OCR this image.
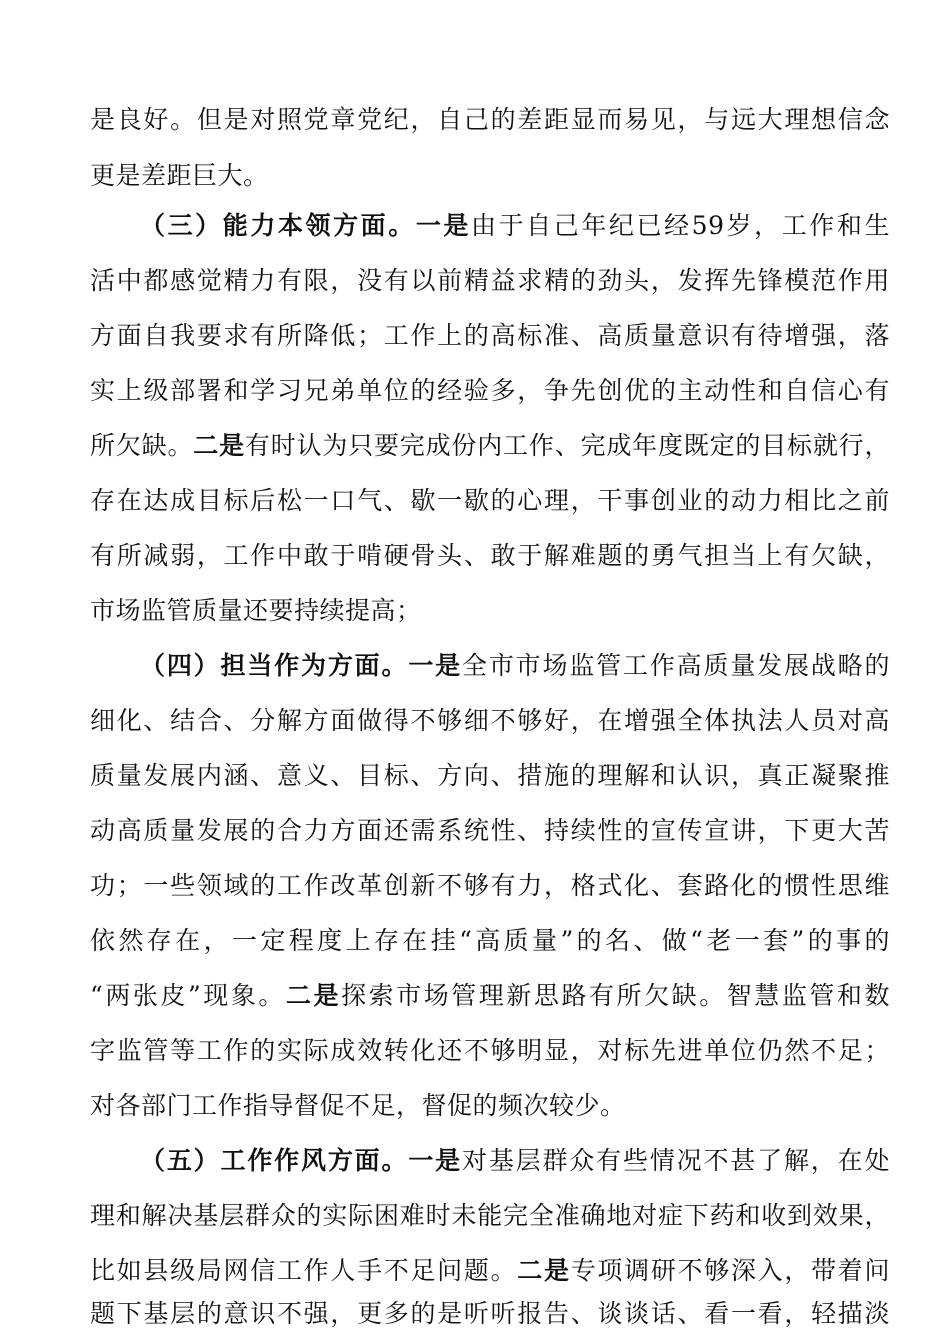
是良好。但是对照党章党纪，自己的差距显而易见，与远大理想信念
更是差距巨大。
（三）能力本领方面。一是由于自己年纪已经59岁，工作和生
活中都感觉精力有限，没有以前精益求精的劲头，发挥先锋模范作用
方面自我要求有所降低；工作上的高标准、高质量意识有待增强，落
实上级部署和学习兄弟单位的经验多，争先创优的主动性和自信心有
所欠缺。二是有时认为只要完成份内工作、完成年度既定的目标就行，
存在达成目标后松一口气、歇一歇的心理，干事创业的动力相比之前
有所减弱，工作中敢于啃硬骨头、敢于解难题的勇气担当上有欠缺，
市场监管质量还要持续提高；
（四）担当作为方面。一是全市市场监管工作高质量发展战略的
细化、结合、分解方面做得不够细不够好，在增强全体执法人员对高
质量发展内涵、意义、目标、方向、措施的理解和认识，真正凝聚推
动高质量发展的合力方面还需系统性、持续性的宣传宣讲，下更大苦
功；一些领域的工作改革创新不够有力，格式化、套路化的惯性思维
依然存在，一定程度上存在挂“高质量”的名、做“老一套”的事的
“两张皮”现象。二是探索市场管理新思路有所欠缺。智慧监管和数
字监管等工作的实际成效转化还不够明显，对标先进单位仍然不足；
对各部门工作指导督促不足，督促的频次较少。
（五）工作作风方面。一是对基层群众有些情况不甚了解，在处
理和解决基层群众的实际困难时未能完全准确地对症下药和收到效果，
比如县级局网信工作人手不足问题。二是专项调研不够深入，带着问
题下基层的意识不强，更多的是听听报告、谈谈话、看一看，轻描淡
